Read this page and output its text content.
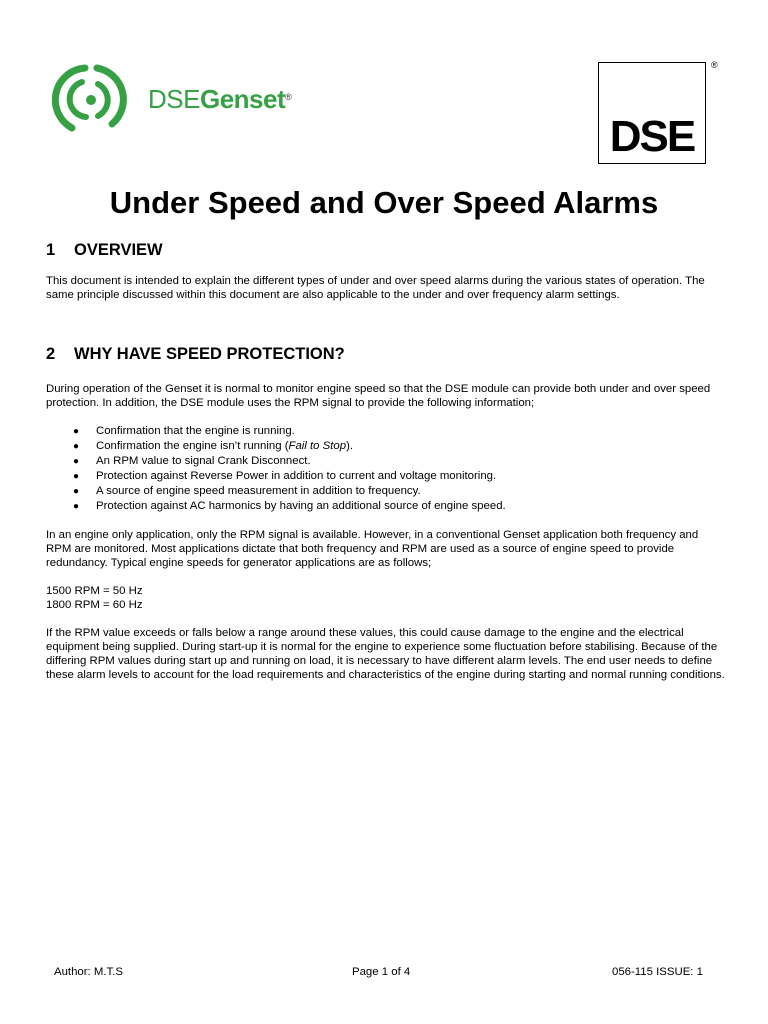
DSEGenset®
DSE
®
Under Speed and Over Speed Alarms
1 OVERVIEW
This document is intended to explain the different types of under and over speed alarms during the various states of operation. The same principle discussed within this document are also applicable to the under and over frequency alarm settings.
2 WHY HAVE SPEED PROTECTION?
During operation of the Genset it is normal to monitor engine speed so that the DSE module can provide both under and over speed protection. In addition, the DSE module uses the RPM signal to provide the following information;
● Confirmation that the engine is running.
● Confirmation the engine isn’t running (Fail to Stop).
● An RPM value to signal Crank Disconnect.
● Protection against Reverse Power in addition to current and voltage monitoring.
● A source of engine speed measurement in addition to frequency.
● Protection against AC harmonics by having an additional source of engine speed.
In an engine only application, only the RPM signal is available. However, in a conventional Genset application both frequency and RPM are monitored. Most applications dictate that both frequency and RPM are used as a source of engine speed to provide redundancy. Typical engine speeds for generator applications are as follows;
1500 RPM = 50 Hz
1800 RPM = 60 Hz
If the RPM value exceeds or falls below a range around these values, this could cause damage to the engine and the electrical equipment being supplied. During start-up it is normal for the engine to experience some fluctuation before stabilising. Because of the differing RPM values during start up and running on load, it is necessary to have different alarm levels. The end user needs to define these alarm levels to account for the load requirements and characteristics of the engine during starting and normal running conditions.
Author: M.T.S	Page 1 of 4	056-115 ISSUE: 1
